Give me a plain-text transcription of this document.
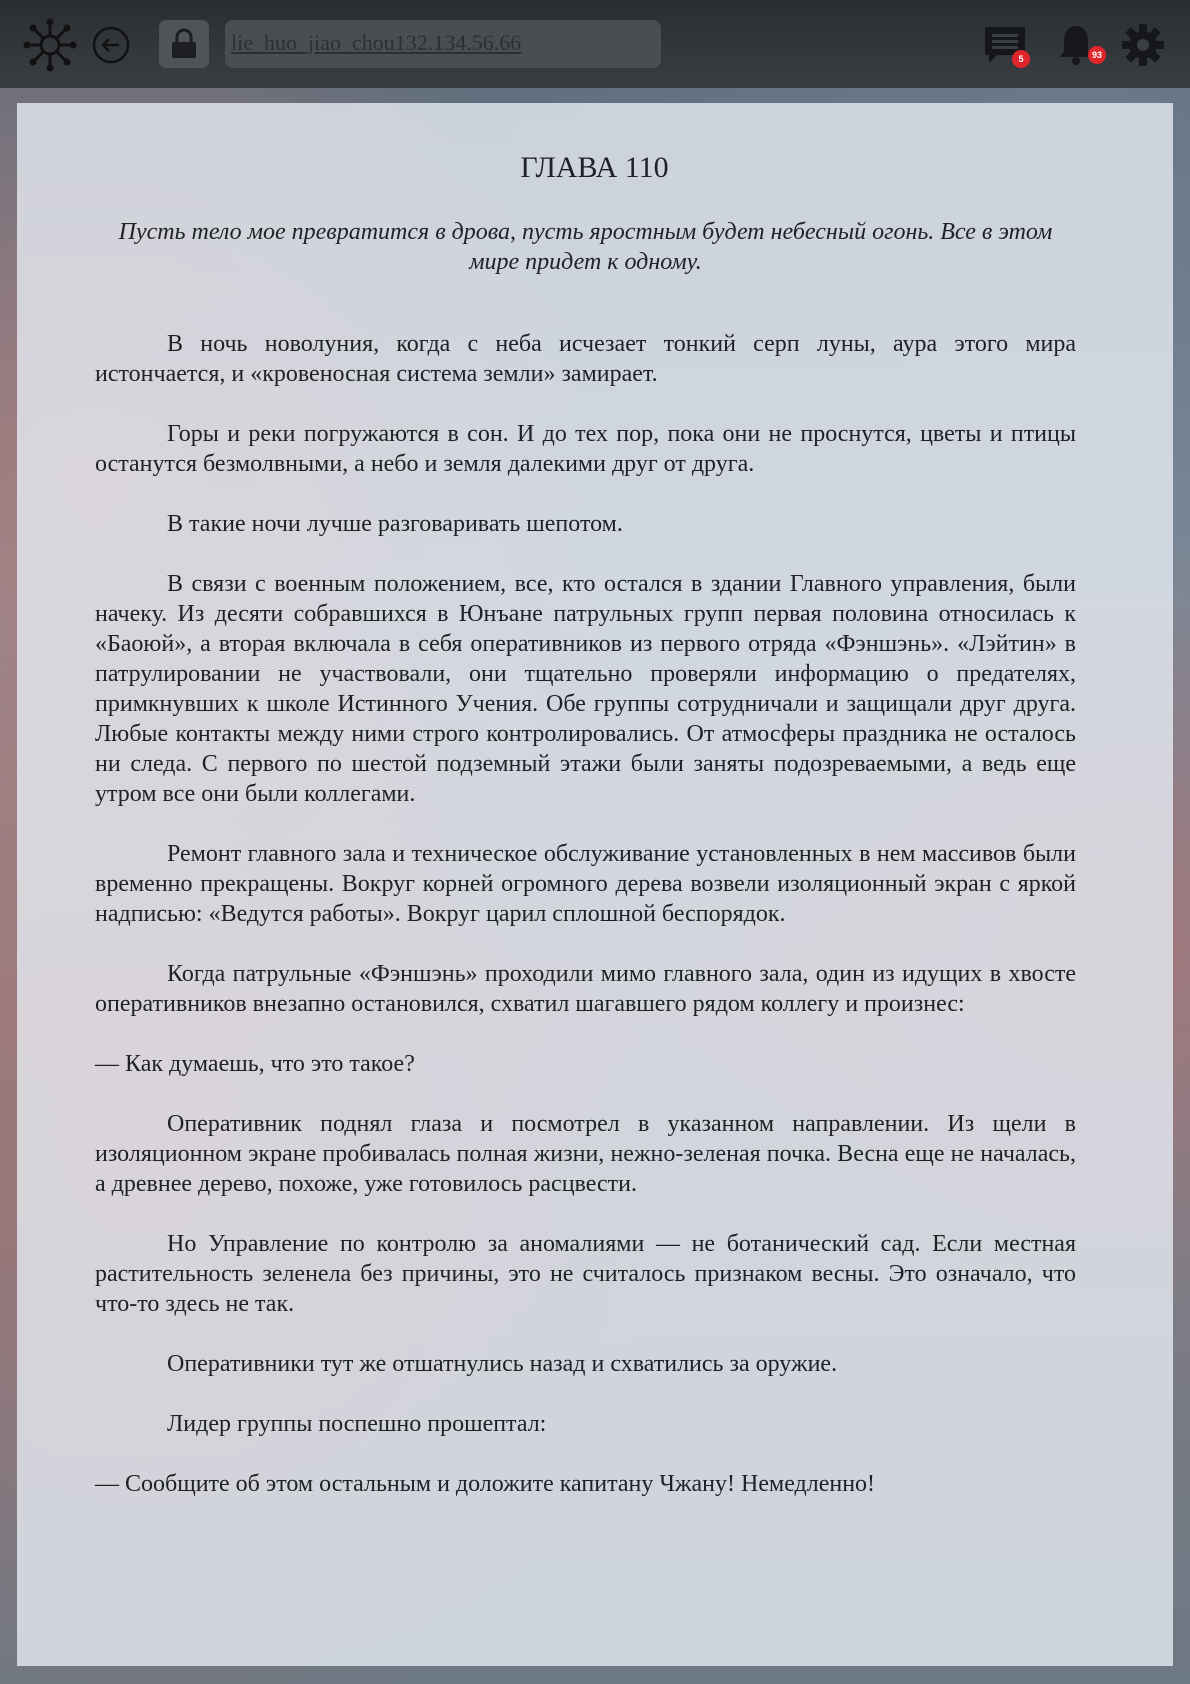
lie_huo_jiao_chou132.134.56.66
5	93
ГЛАВА 110

Пусть тело мое превратится в дрова, пусть яростным будет небесный огонь. Все в этом мире придет к одному.

В ночь новолуния, когда с неба исчезает тонкий серп луны, аура этого мира истончается, и «кровеносная система земли» замирает.

Горы и реки погружаются в сон. И до тех пор, пока они не проснутся, цветы и птицы останутся безмолвными, а небо и земля далекими друг от друга.

В такие ночи лучше разговаривать шепотом.

В связи с военным положением, все, кто остался в здании Главного управления, были начеку. Из десяти собравшихся в Юнъане патрульных групп первая половина относилась к «Баоюй», а вторая включала в себя оперативников из первого отряда «Фэншэнь». «Лэйтин» в патрулировании не участвовали, они тщательно проверяли информацию о предателях, примкнувших к школе Истинного Учения. Обе группы сотрудничали и защищали друг друга. Любые контакты между ними строго контролировались. От атмосферы праздника не осталось ни следа. С первого по шестой подземный этажи были заняты подозреваемыми, а ведь еще утром все они были коллегами.

Ремонт главного зала и техническое обслуживание установленных в нем массивов были временно прекращены. Вокруг корней огромного дерева возвели изоляционный экран с яркой надписью: «Ведутся работы». Вокруг царил сплошной беспорядок.

Когда патрульные «Фэншэнь» проходили мимо главного зала, один из идущих в хвосте оперативников внезапно остановился, схватил шагавшего рядом коллегу и произнес:

— Как думаешь, что это такое?

Оперативник поднял глаза и посмотрел в указанном направлении. Из щели в изоляционном экране пробивалась полная жизни, нежно-зеленая почка. Весна еще не началась, а древнее дерево, похоже, уже готовилось расцвести.

Но Управление по контролю за аномалиями — не ботанический сад. Если местная растительность зеленела без причины, это не считалось признаком весны. Это означало, что что-то здесь не так.

Оперативники тут же отшатнулись назад и схватились за оружие.

Лидер группы поспешно прошептал:

— Сообщите об этом остальным и доложите капитану Чжану! Немедленно!
